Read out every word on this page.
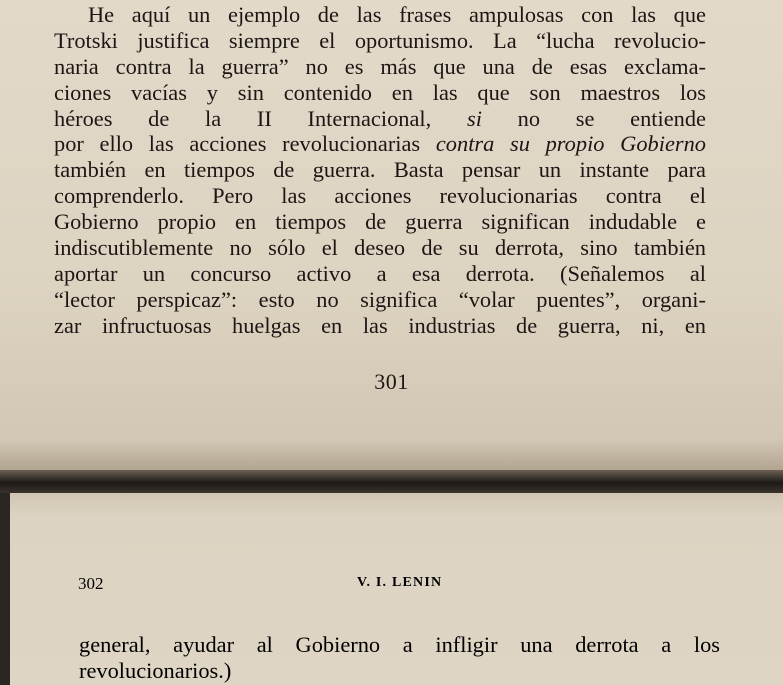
He aquí un ejemplo de las frases ampulosas con las que
Trotski justifica siempre el oportunismo. La “lucha revolucio-
naria contra la guerra” no es más que una de esas exclama-
ciones vacías y sin contenido en las que son maestros los
héroes de la II Internacional, si no se entiende
por ello las acciones revolucionarias contra su propio Gobierno
también en tiempos de guerra. Basta pensar un instante para
comprenderlo. Pero las acciones revolucionarias contra el
Gobierno propio en tiempos de guerra significan indudable e
indiscutiblemente no sólo el deseo de su derrota, sino también
aportar un concurso activo a esa derrota. (Señalemos al
“lector perspicaz”: esto no significa “volar puentes”, organi-
zar infructuosas huelgas en las industrias de guerra, ni, en
301
302	V. I. LENIN
general, ayudar al Gobierno a infligir una derrota a los
revolucionarios.)
